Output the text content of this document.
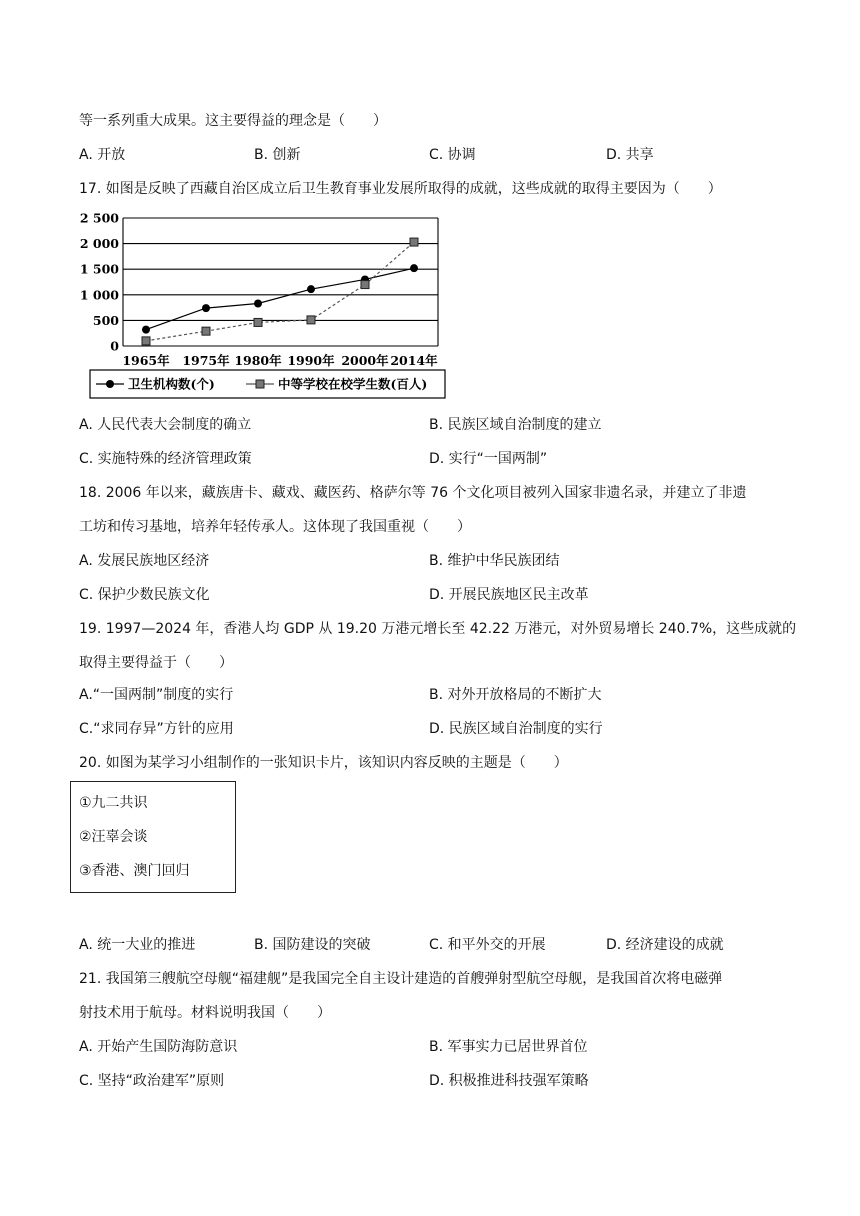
等一系列重大成果。这主要得益的理念是（　　）
A. 开放	B. 创新	C. 协调	D. 共享
17. 如图是反映了西藏自治区成立后卫生教育事业发展所取得的成就，这些成就的取得主要因为（　　）
0
500
1 000
1 500
2 000
2 500
1965年 1975年 1980年 1990年 2000年 2014年
卫生机构数(个)	中等学校在校学生数(百人)
A. 人民代表大会制度的确立	B. 民族区域自治制度的建立
C. 实施特殊的经济管理政策	D. 实行“一国两制”
18. 2006 年以来，藏族唐卡、藏戏、藏医药、格萨尔等 76 个文化项目被列入国家非遗名录，并建立了非遗
工坊和传习基地，培养年轻传承人。这体现了我国重视（　　）
A. 发展民族地区经济	B. 维护中华民族团结
C. 保护少数民族文化	D. 开展民族地区民主改革
19. 1997—2024 年，香港人均 GDP 从 19.20 万港元增长至 42.22 万港元，对外贸易增长 240.7%，这些成就的
取得主要得益于（　　）
A.“一国两制”制度的实行	B. 对外开放格局的不断扩大
C.“求同存异”方针的应用	D. 民族区域自治制度的实行
20. 如图为某学习小组制作的一张知识卡片，该知识内容反映的主题是（　　）
①九二共识
②汪辜会谈
③香港、澳门回归
A. 统一大业的推进	B. 国防建设的突破	C. 和平外交的开展	D. 经济建设的成就
21. 我国第三艘航空母舰“福建舰”是我国完全自主设计建造的首艘弹射型航空母舰，是我国首次将电磁弹
射技术用于航母。材料说明我国（　　）
A. 开始产生国防海防意识	B. 军事实力已居世界首位
C. 坚持“政治建军”原则	D. 积极推进科技强军策略
